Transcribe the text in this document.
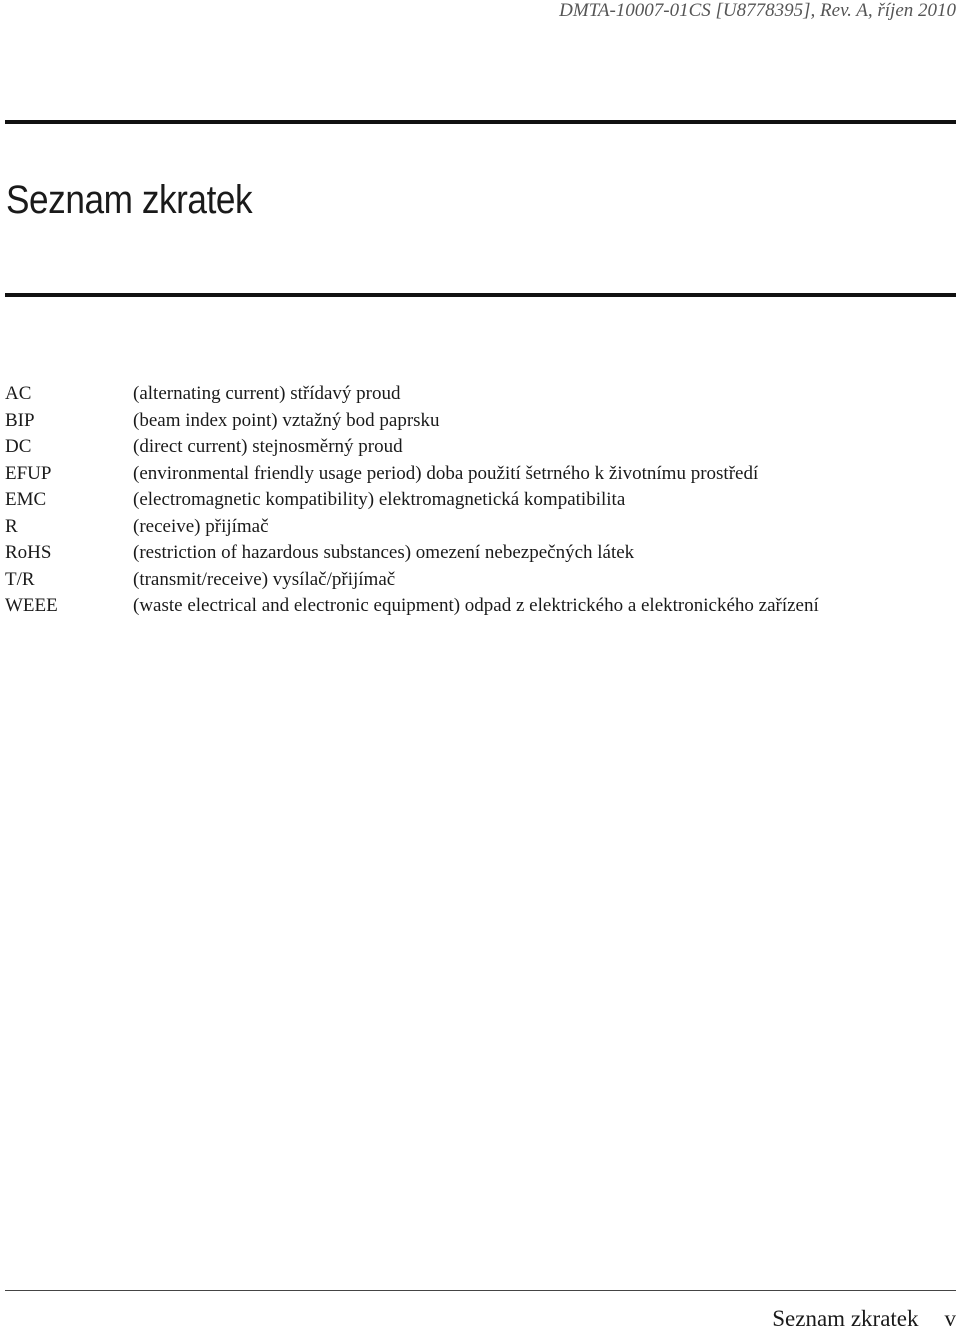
DMTA-10007-01CS [U8778395], Rev. A, říjen 2010
Seznam zkratek
AC	(alternating current) střídavý proud
BIP	(beam index point) vztažný bod paprsku
DC	(direct current) stejnosměrný proud
EFUP	(environmental friendly usage period) doba použití šetrného k životnímu prostředí
EMC	(electromagnetic kompatibility) elektromagnetická kompatibilita
R	(receive) přijímač
RoHS	(restriction of hazardous substances) omezení nebezpečných látek
T/R	(transmit/receive) vysílač/přijímač
WEEE	(waste electrical and electronic equipment) odpad z elektrického a elektronického zařízení
Seznam zkratek v
